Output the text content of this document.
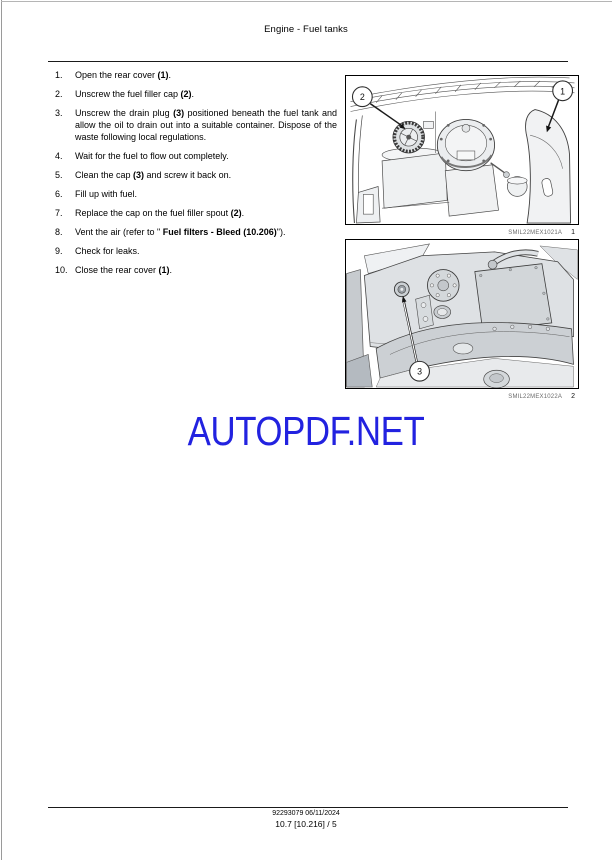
Engine - Fuel tanks
1.	Open the rear cover (1).
2.	Unscrew the fuel filler cap (2).
3.	Unscrew the drain plug (3) positioned beneath the fuel tank and allow the oil to drain out into a suitable container. Dispose of the waste following local regulations.
4.	Wait for the fuel to flow out completely.
5.	Clean the cap (3) and screw it back on.
6.	Fill up with fuel.
7.	Replace the cap on the fuel filler spout (2).
8.	Vent the air (refer to " Fuel filters - Bleed (10.206)").
9.	Check for leaks.
10. Close the rear cover (1).
2
1
SMIL22MEX1021A 1
3
SMIL22MEX1022A 2
AUTOPDF.NET
92293079 06/11/2024
10.7 [10.216] / 5
